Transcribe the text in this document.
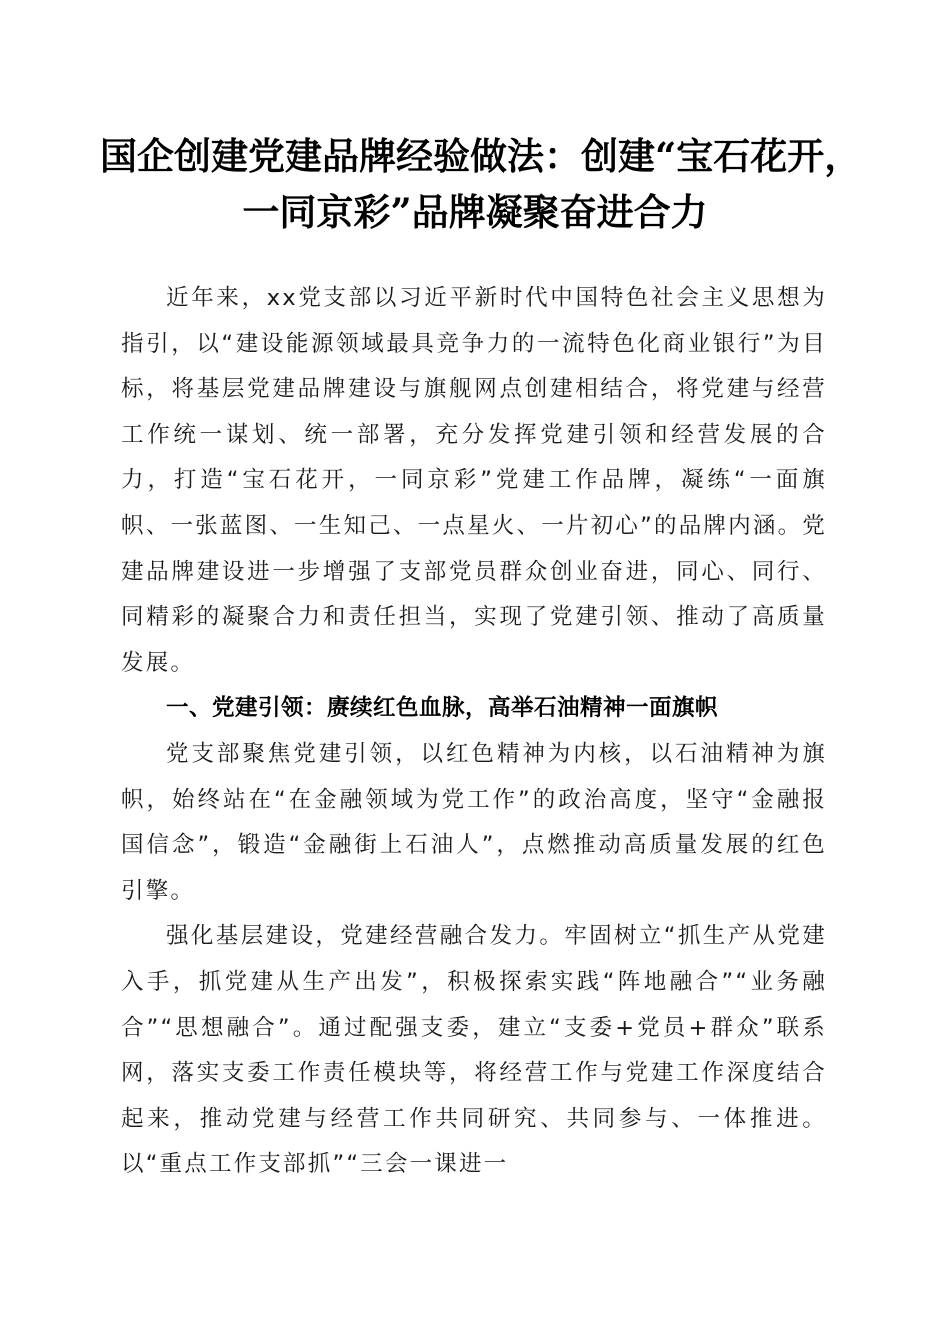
国企创建党建品牌经验做法：创建“宝石花开，
一同京彩”品牌凝聚奋进合力

近年来，xx党支部以习近平新时代中国特色社会主义思想为指引，以“建设能源领域最具竞争力的一流特色化商业银行”为目标，将基层党建品牌建设与旗舰网点创建相结合，将党建与经营工作统一谋划、统一部署，充分发挥党建引领和经营发展的合力，打造“宝石花开，一同京彩”党建工作品牌，凝练“一面旗帜、一张蓝图、一生知己、一点星火、一片初心”的品牌内涵。党建品牌建设进一步增强了支部党员群众创业奋进，同心、同行、同精彩的凝聚合力和责任担当，实现了党建引领、推动了高质量发展。

一、党建引领：赓续红色血脉，高举石油精神一面旗帜

党支部聚焦党建引领，以红色精神为内核，以石油精神为旗帜，始终站在“在金融领域为党工作”的政治高度，坚守“金融报国信念”，锻造“金融街上石油人”，点燃推动高质量发展的红色引擎。

强化基层建设，党建经营融合发力。牢固树立“抓生产从党建入手，抓党建从生产出发”，积极探索实践“阵地融合”“业务融合”“思想融合”。通过配强支委，建立“支委+党员+群众”联系网，落实支委工作责任模块等，将经营工作与党建工作深度结合起来，推动党建与经营工作共同研究、共同参与、一体推进。以“重点工作支部抓”“三会一课进一
